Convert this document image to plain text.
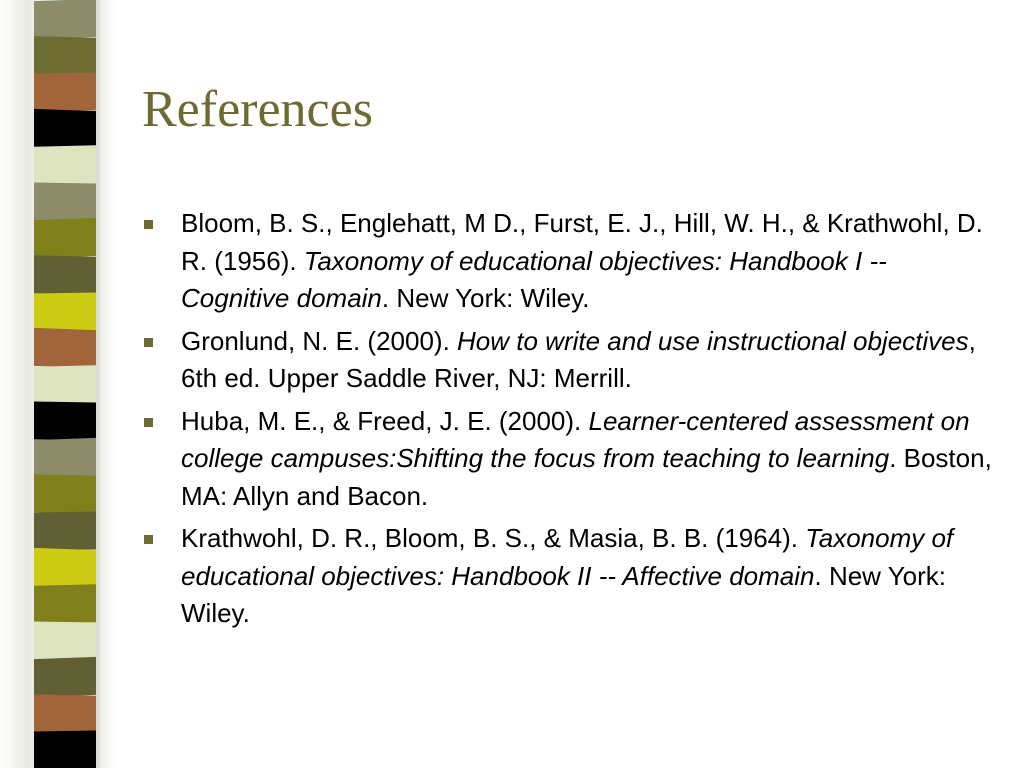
References
Bloom, B. S., Englehatt, M D., Furst, E. J., Hill, W. H., & Krathwohl, D. R. (1956). Taxonomy of educational objectives: Handbook I -- Cognitive domain. New York: Wiley.
Gronlund, N. E. (2000). How to write and use instructional objectives, 6th ed. Upper Saddle River, NJ: Merrill.
Huba, M. E., & Freed, J. E. (2000). Learner-centered assessment on college campuses:Shifting the focus from teaching to learning. Boston, MA: Allyn and Bacon.
Krathwohl, D. R., Bloom, B. S., & Masia, B. B. (1964). Taxonomy of educational objectives: Handbook II -- Affective domain. New York: Wiley.
